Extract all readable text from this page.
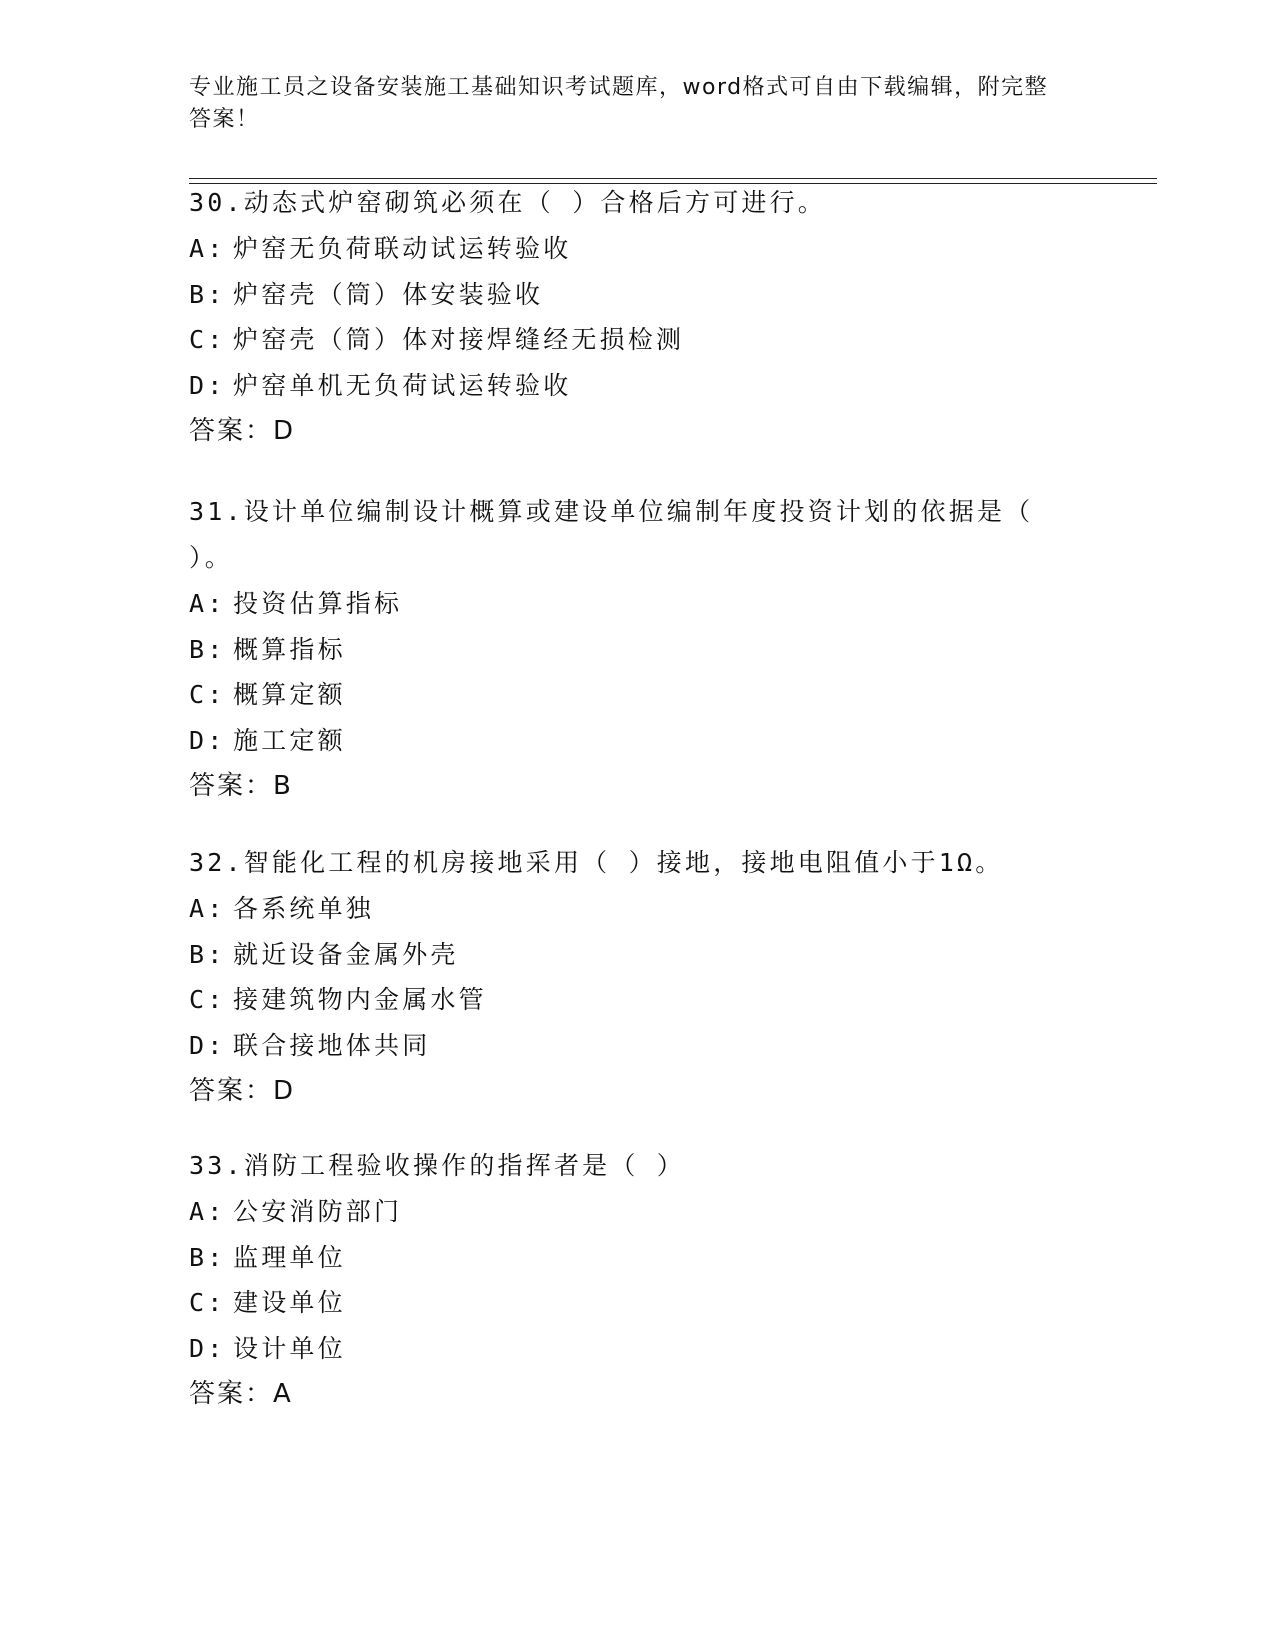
专业施工员之设备安装施工基础知识考试题库，word格式可自由下载编辑，附完整答案！

30.动态式炉窑砌筑必须在（ ）合格后方可进行。

A: 炉窑无负荷联动试运转验收
B: 炉窑壳（筒）体安装验收
C: 炉窑壳（筒）体对接焊缝经无损检测
D: 炉窑单机无负荷试运转验收
答案：D

31.设计单位编制设计概算或建设单位编制年度投资计划的依据是（ ）。

A: 投资估算指标
B: 概算指标
C: 概算定额
D: 施工定额
答案：B

32.智能化工程的机房接地采用（ ）接地，接地电阻值小于1Ω。

A: 各系统单独
B: 就近设备金属外壳
C: 接建筑物内金属水管
D: 联合接地体共同
答案：D

33.消防工程验收操作的指挥者是（ ）

A: 公安消防部门
B: 监理单位
C: 建设单位
D: 设计单位
答案：A
